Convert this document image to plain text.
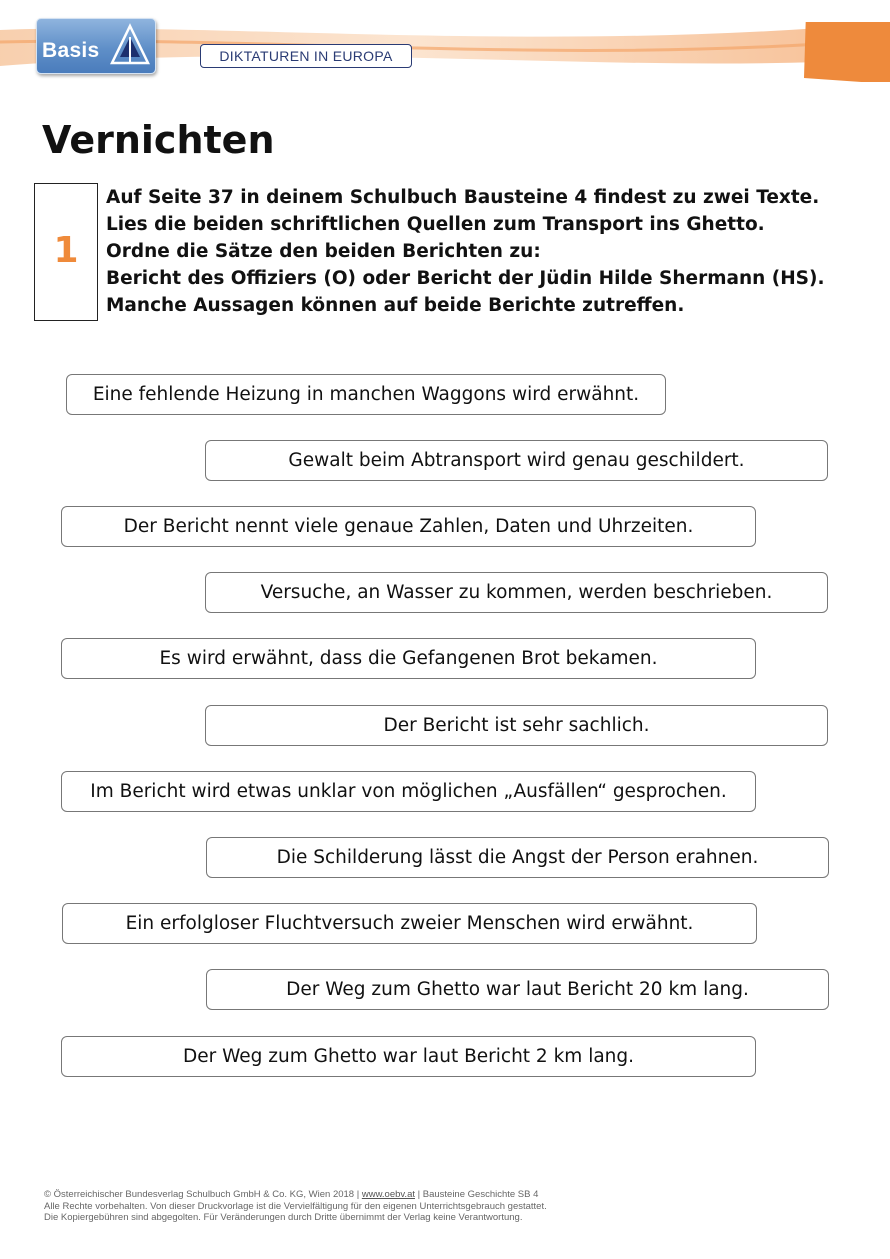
Basis	DIKTATUREN IN EUROPA
Vernichten
1
Auf Seite 37 in deinem Schulbuch Bausteine 4 findest zu zwei Texte.
Lies die beiden schriftlichen Quellen zum Transport ins Ghetto.
Ordne die Sätze den beiden Berichten zu:
Bericht des Offiziers (O) oder Bericht der Jüdin Hilde Shermann (HS).
Manche Aussagen können auf beide Berichte zutreffen.
Eine fehlende Heizung in manchen Waggons wird erwähnt.
Gewalt beim Abtransport wird genau geschildert.
Der Bericht nennt viele genaue Zahlen, Daten und Uhrzeiten.
Versuche, an Wasser zu kommen, werden beschrieben.
Es wird erwähnt, dass die Gefangenen Brot bekamen.
Der Bericht ist sehr sachlich.
Im Bericht wird etwas unklar von möglichen „Ausfällen“ gesprochen.
Die Schilderung lässt die Angst der Person erahnen.
Ein erfolgloser Fluchtversuch zweier Menschen wird erwähnt.
Der Weg zum Ghetto war laut Bericht 20 km lang.
Der Weg zum Ghetto war laut Bericht 2 km lang.
© Österreichischer Bundesverlag Schulbuch GmbH & Co. KG, Wien 2018 | www.oebv.at | Bausteine Geschichte SB 4
Alle Rechte vorbehalten. Von dieser Druckvorlage ist die Vervielfältigung für den eigenen Unterrichtsgebrauch gestattet.
Die Kopiergebühren sind abgegolten. Für Veränderungen durch Dritte übernimmt der Verlag keine Verantwortung.
